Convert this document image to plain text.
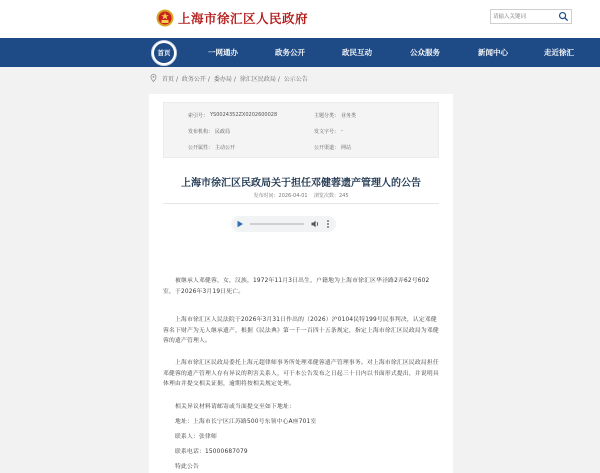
上海市徐汇区人民政府
请输入关键词
首页	一网通办	政务公开	政民互动	公众服务	新闻中心	走近徐汇
首页 / 政务公开 / 委办局 / 徐汇区民政局 / 公示公告
索引号： YS0024352ZX0202600028	主题分类： 业务类
发布机构： 民政局	发文字号： -
公开属性： 主动公开	公开渠道： 网站
上海市徐汇区民政局关于担任邓健蓉遗产管理人的公告
发布时间：2026-04-01 浏览次数：245
被继承人邓健蓉，女，汉族，1972年11月3日出生，户籍地为上海市徐汇区华泾路2弄62号602室，于2026年3月19日死亡。
上海市徐汇区人民法院于2026年3月31日作出的（2026）沪0104民特199号民事判决，认定邓健蓉名下财产为无人继承遗产，根据《民法典》第一千一百四十五条规定，指定上海市徐汇区民政局为邓健蓉的遗产管理人。
上海市徐汇区民政局委托上海元超律师事务所处理邓健蓉遗产管理事务。对上海市徐汇区民政局担任邓健蓉的遗产管理人存有异议的利害关系人，可于本公告发布之日起三十日内以书面形式提出，并说明具体理由并提交相关证据，逾期将按相关规定处理。
相关异议材料请邮寄或当面提交至如下地址：
地址：上海市长宁区江苏路500号东领中心A座701室
联系人：张律师
联系电话：15000687079
特此公告
